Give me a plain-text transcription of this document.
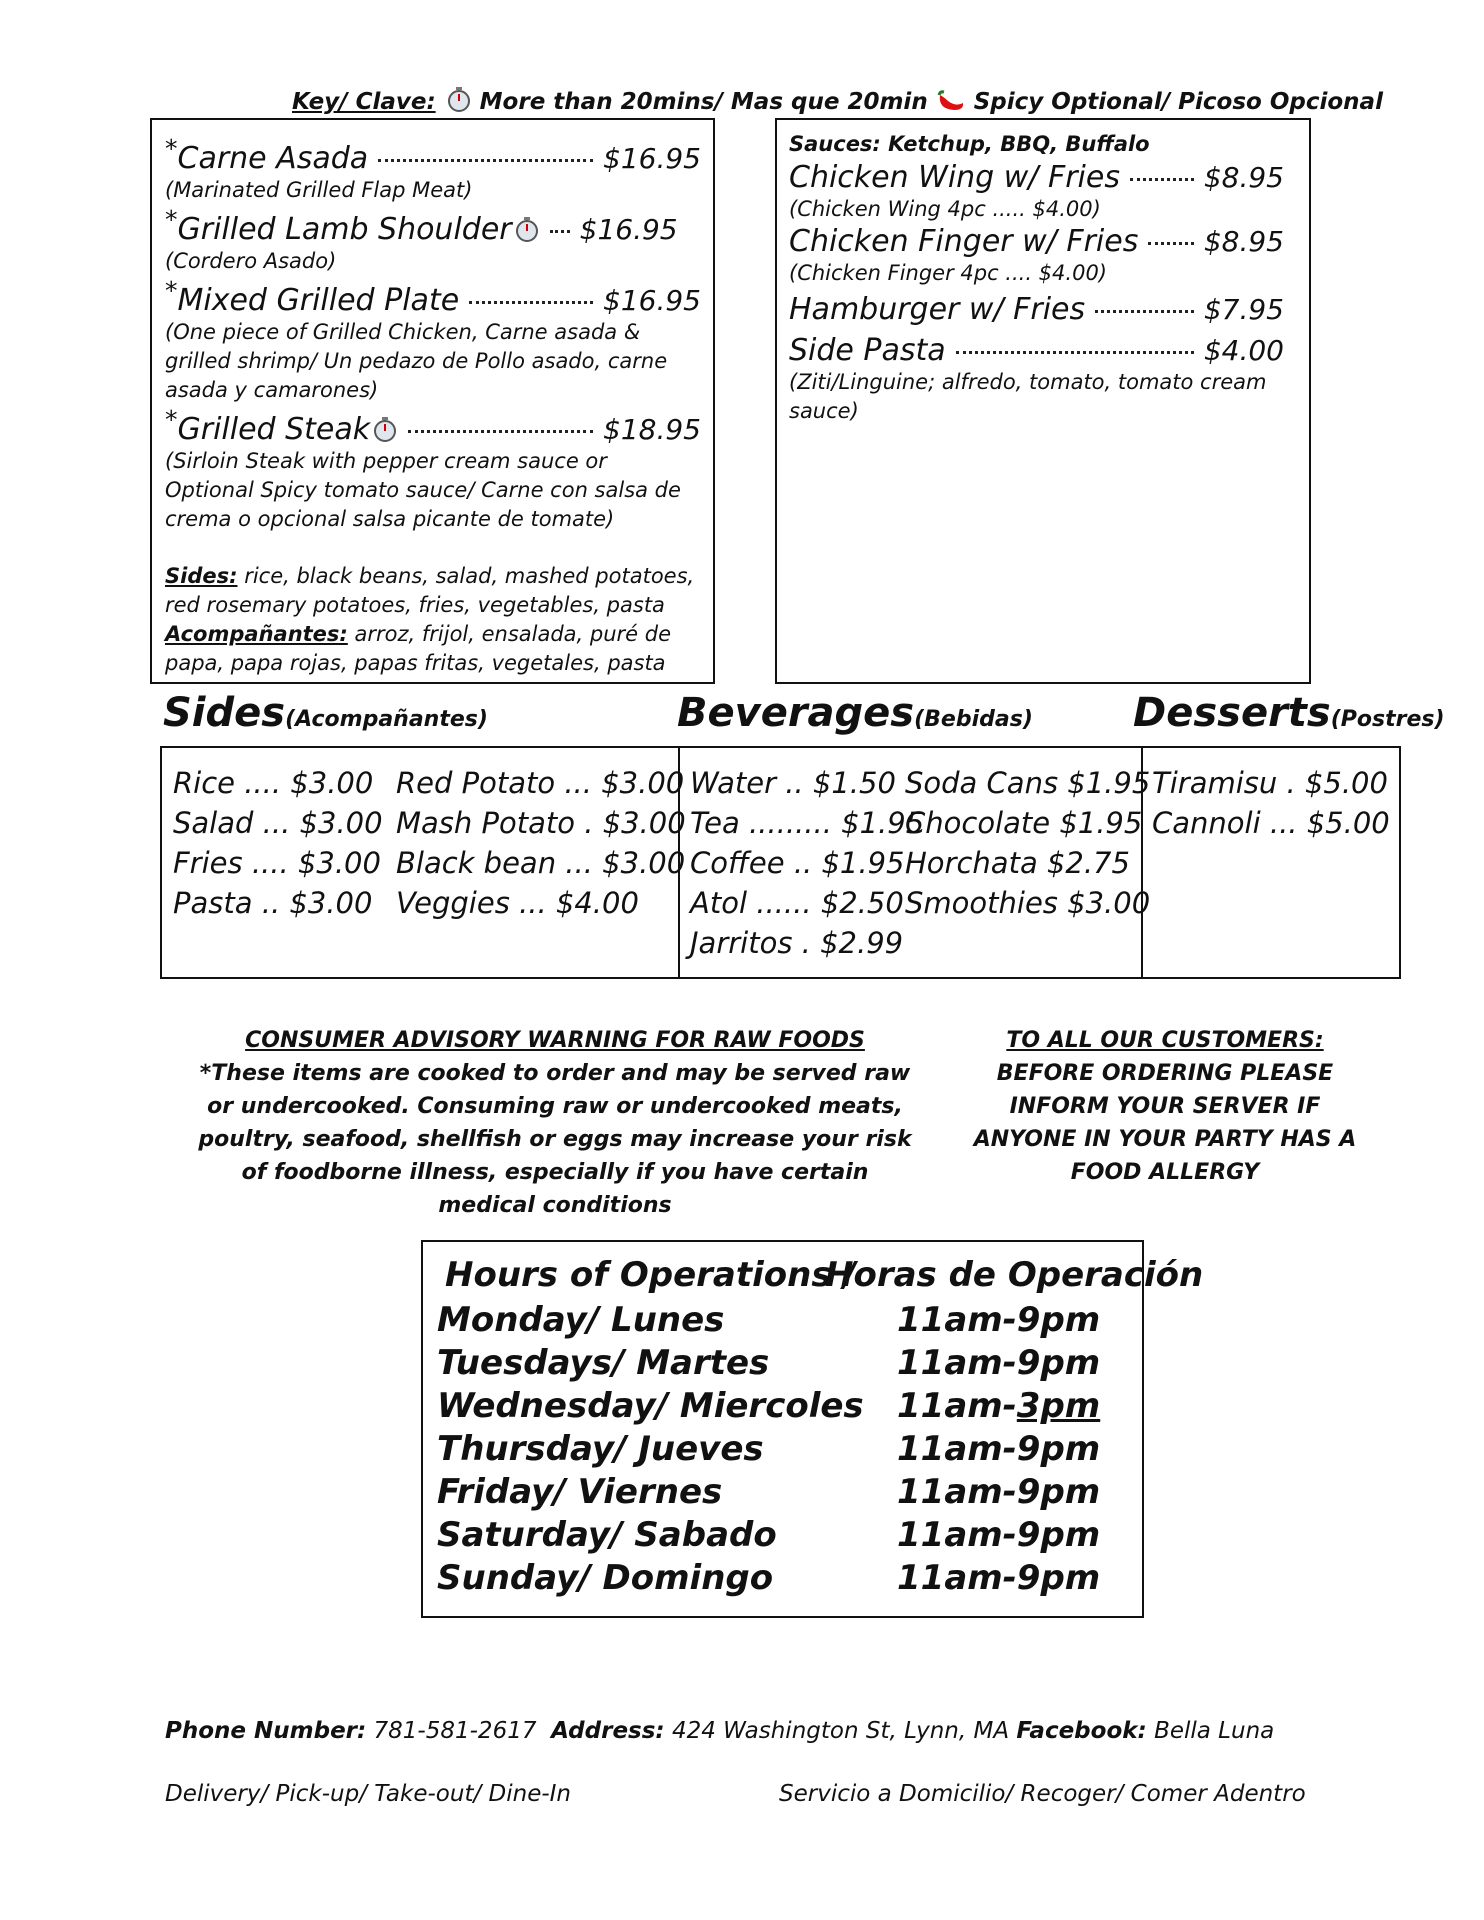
Key/ Clave: More than 20mins/ Mas que 20min Spicy Optional/ Picoso Opcional
*Carne Asada	$16.95
(Marinated Grilled Flap Meat)
*Grilled Lamb Shoulder	$16.95
(Cordero Asado)
*Mixed Grilled Plate	$16.95
(One piece of Grilled Chicken, Carne asada & grilled shrimp/ Un pedazo de Pollo asado, carne asada y camarones)
*Grilled Steak	$18.95
(Sirloin Steak with pepper cream sauce or Optional Spicy tomato sauce/ Carne con salsa de crema o opcional salsa picante de tomate)
Sides: rice, black beans, salad, mashed potatoes, red rosemary potatoes, fries, vegetables, pasta
Acompañantes: arroz, frijol, ensalada, puré de papa, papa rojas, papas fritas, vegetales, pasta
Sauces: Ketchup, BBQ, Buffalo
Chicken Wing w/ Fries	$8.95
(Chicken Wing 4pc ..... $4.00)
Chicken Finger w/ Fries $8.95
(Chicken Finger 4pc .... $4.00)
Hamburger w/ Fries	$7.95
Side Pasta	$4.00
(Ziti/Linguine; alfredo, tomato, tomato cream sauce)
Sides(Acompañantes)	Beverages(Bebidas)	Desserts(Postres)
Rice .... $3.00
Salad ... $3.00
Fries .... $3.00
Pasta .. $3.00
Red Potato ... $3.00
Mash Potato . $3.00
Black bean ... $3.00
Veggies ... $4.00
Water .. $1.50
Tea ......... $1.95
Coffee .. $1.95
Atol ...... $2.50
Jarritos . $2.99
Soda Cans $1.95
Chocolate $1.95
Horchata $2.75
Smoothies $3.00
Tiramisu . $5.00
Cannoli ... $5.00
CONSUMER ADVISORY WARNING FOR RAW FOODS
*These items are cooked to order and may be served raw or undercooked. Consuming raw or undercooked meats, poultry, seafood, shellfish or eggs may increase your risk of foodborne illness, especially if you have certain medical conditions
TO ALL OUR CUSTOMERS:
BEFORE ORDERING PLEASE INFORM YOUR SERVER IF ANYONE IN YOUR PARTY HAS A FOOD ALLERGY
Hours of Operations /
Horas de Operación
Monday/ Lunes	11am-9pm
Tuesdays/ Martes	11am-9pm
Wednesday/ Miercoles 11am-3pm
Thursday/ Jueves	11am-9pm
Friday/ Viernes	11am-9pm
Saturday/ Sabado	11am-9pm
Sunday/ Domingo	11am-9pm
Phone Number: 781-581-2617 Address: 424 Washington St, Lynn, MA Facebook: Bella Luna
Delivery/ Pick-up/ Take-out/ Dine-In	Servicio a Domicilio/ Recoger/ Comer Adentro
